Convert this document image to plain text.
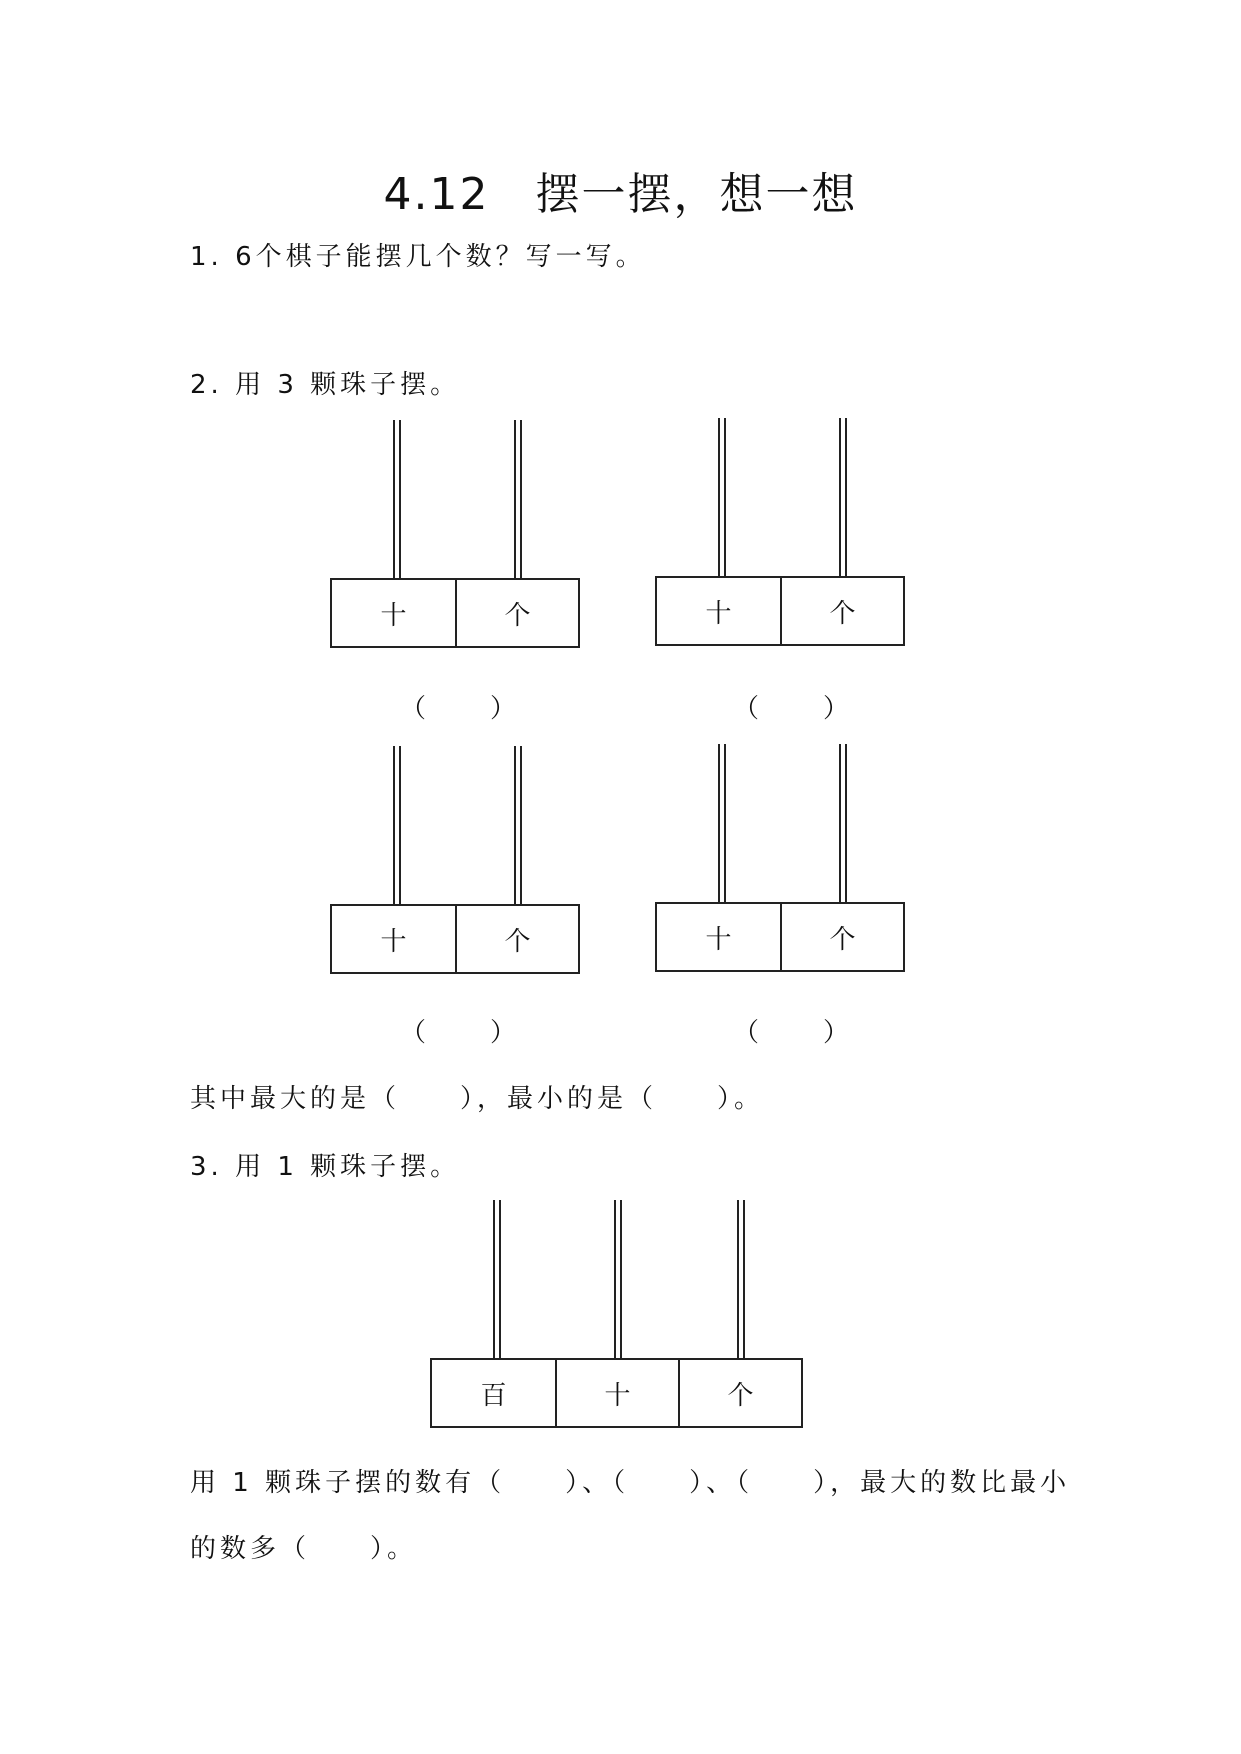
4.12　摆一摆，想一想
1. 6个棋子能摆几个数？写一写。
2. 用 3 颗珠子摆。
十	个
（　　）
十	个
（　　）
十	个
（　　）
十	个
（　　）
其中最大的是（　　），最小的是（　　）。
3. 用 1 颗珠子摆。
百	十	个
用 1 颗珠子摆的数有（　　）、（　　）、（　　），最大的数比最小
的数多（　　）。
